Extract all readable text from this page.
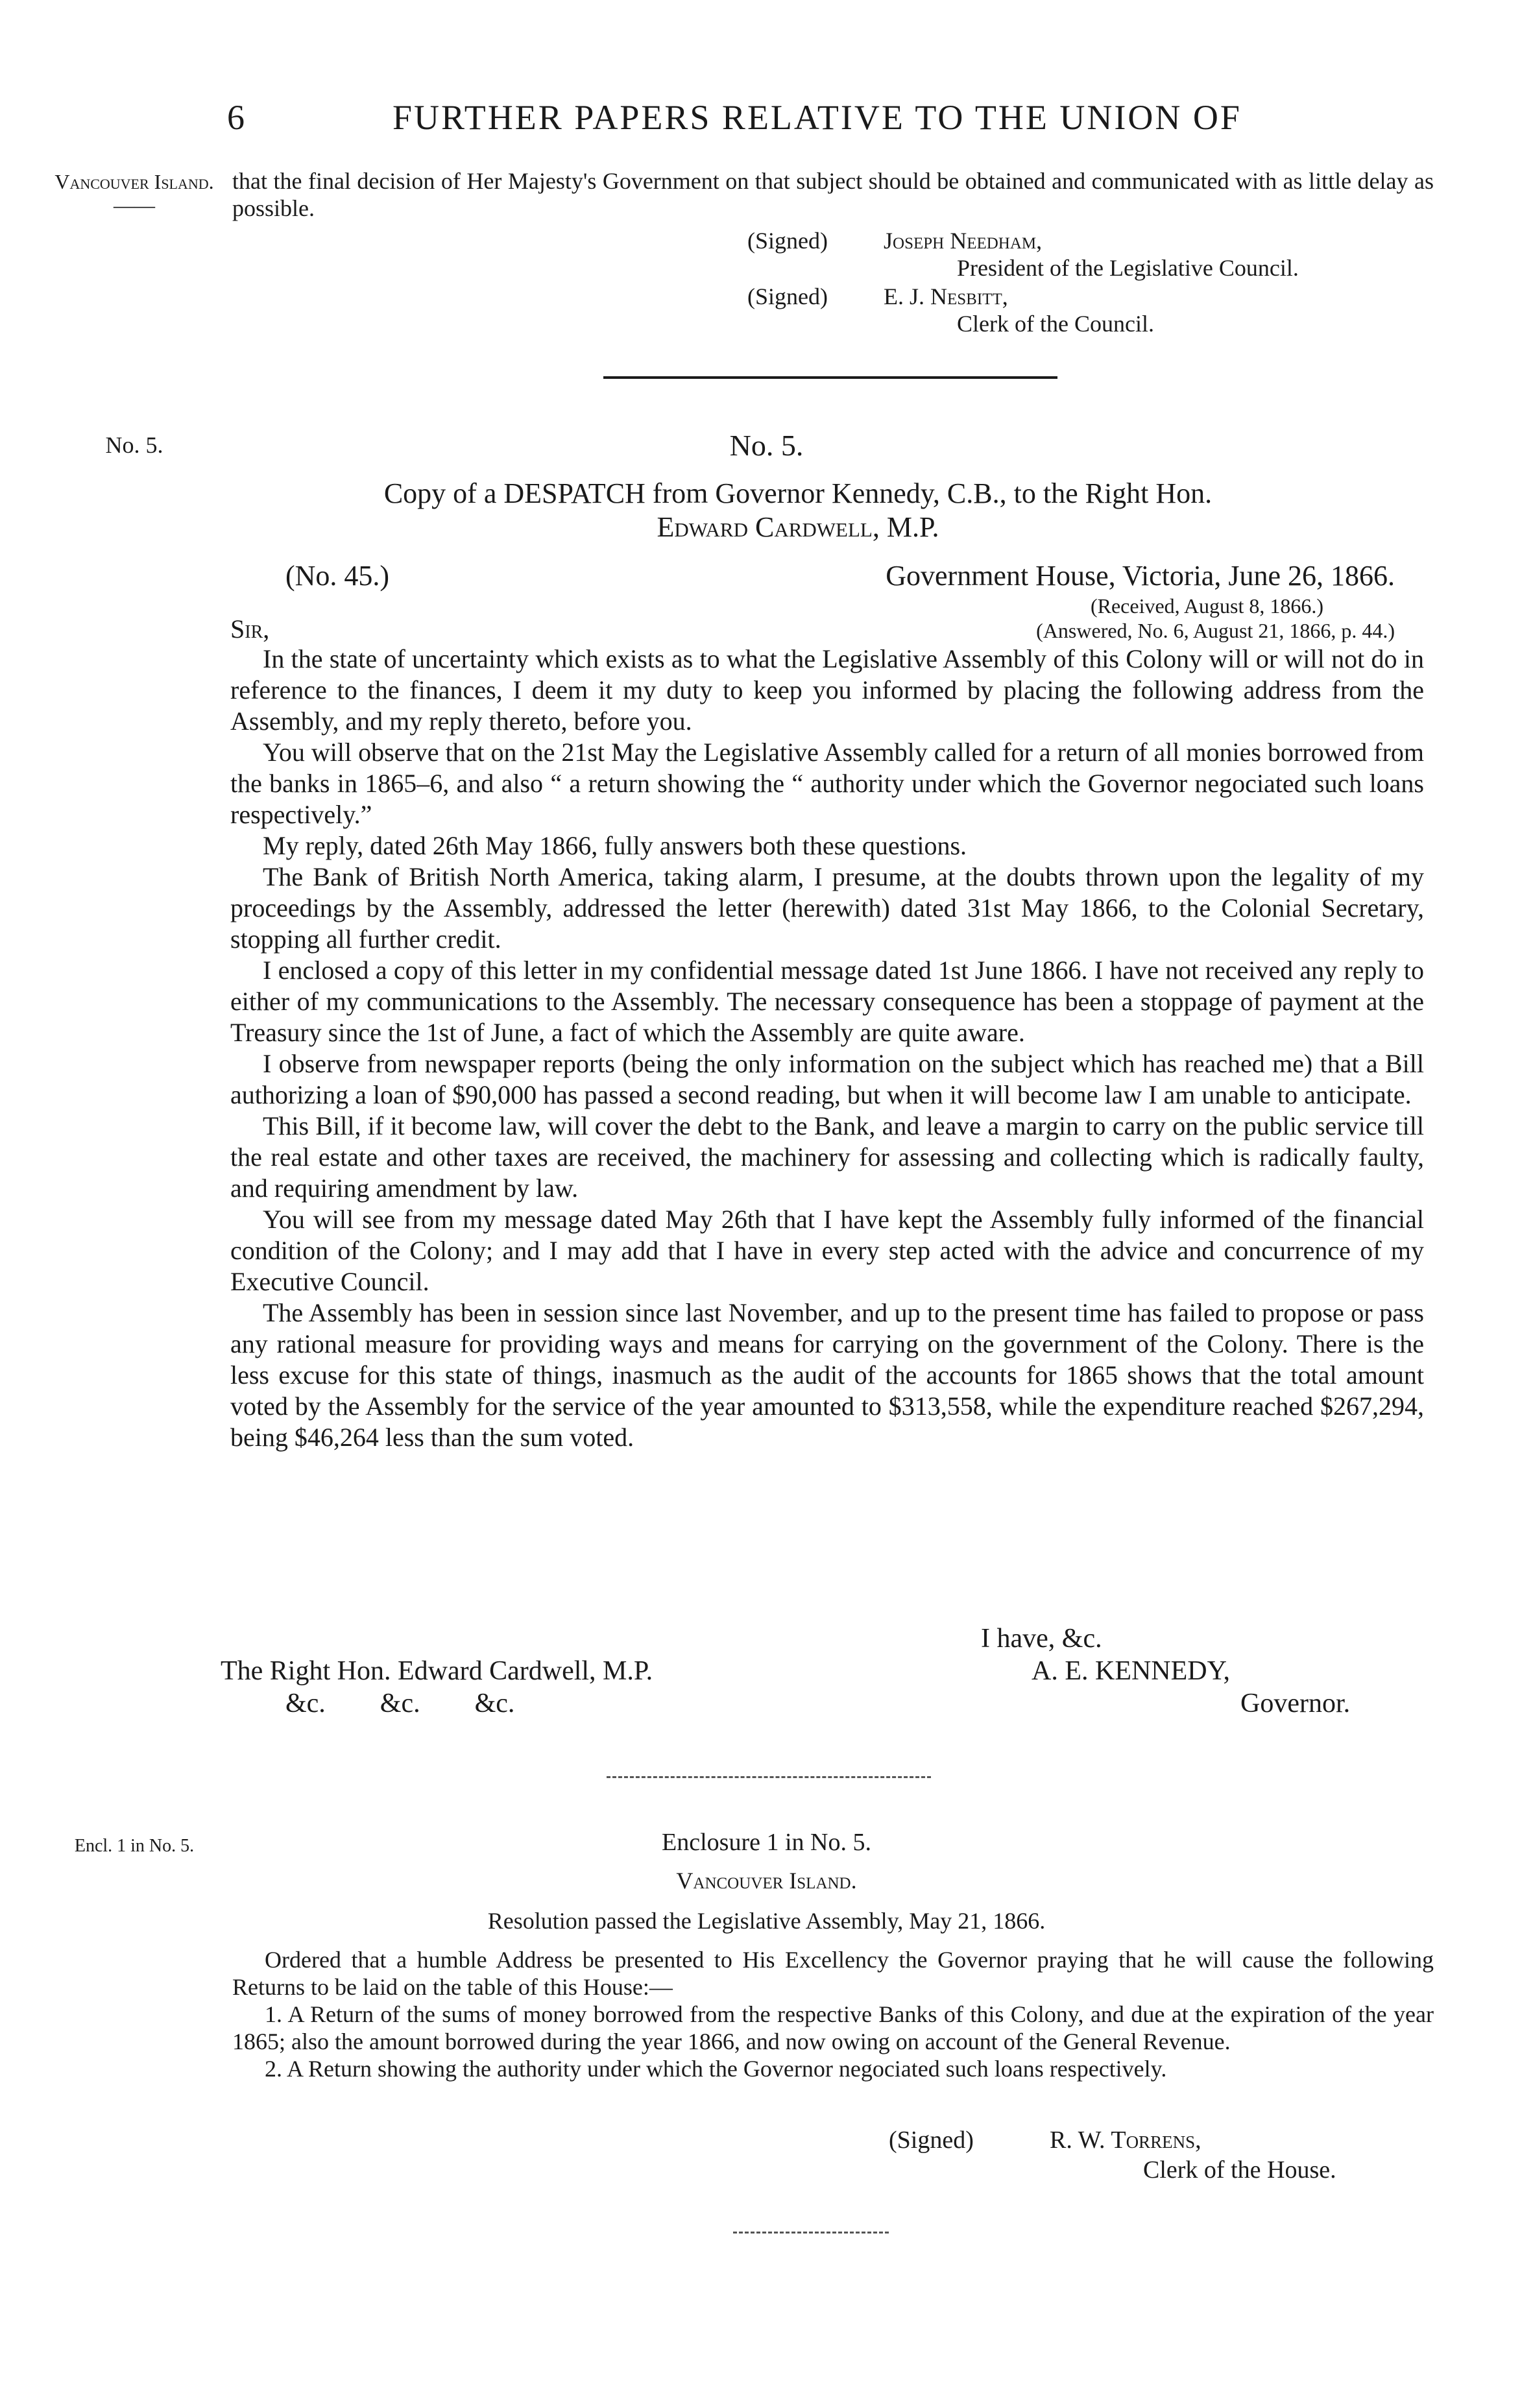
6	FURTHER PAPERS RELATIVE TO THE UNION OF
Vancouver Island.
——
that the final decision of Her Majesty's Government on that subject should be obtained and communicated with as little delay as possible.
(Signed) Joseph Needham,
President of the Legislative Council.
(Signed) E. J. Nesbitt,
Clerk of the Council.
No. 5.	No. 5.
Copy of a DESPATCH from Governor Kennedy, C.B., to the Right Hon.
Edward Cardwell, M.P.
(No. 45.)	Government House, Victoria, June 26, 1866.
(Received, August 8, 1866.)
(Answered, No. 6, August 21, 1866, p. 44.)
Sir,

In the state of uncertainty which exists as to what the Legislative Assembly of this Colony will or will not do in reference to the finances, I deem it my duty to keep you informed by placing the following address from the Assembly, and my reply thereto, before you.

You will observe that on the 21st May the Legislative Assembly called for a return of all monies borrowed from the banks in 1865–6, and also “ a return showing the “ authority under which the Governor negociated such loans respectively.”

My reply, dated 26th May 1866, fully answers both these questions.

The Bank of British North America, taking alarm, I presume, at the doubts thrown upon the legality of my proceedings by the Assembly, addressed the letter (herewith) dated 31st May 1866, to the Colonial Secretary, stopping all further credit.

I enclosed a copy of this letter in my confidential message dated 1st June 1866. I have not received any reply to either of my communications to the Assembly. The necessary consequence has been a stoppage of payment at the Treasury since the 1st of June, a fact of which the Assembly are quite aware.

I observe from newspaper reports (being the only information on the subject which has reached me) that a Bill authorizing a loan of $90,000 has passed a second reading, but when it will become law I am unable to anticipate.

This Bill, if it become law, will cover the debt to the Bank, and leave a margin to carry on the public service till the real estate and other taxes are received, the machinery for assessing and collecting which is radically faulty, and requiring amendment by law.

You will see from my message dated May 26th that I have kept the Assembly fully informed of the financial condition of the Colony; and I may add that I have in every step acted with the advice and concurrence of my Executive Council.

The Assembly has been in session since last November, and up to the present time has failed to propose or pass any rational measure for providing ways and means for carrying on the government of the Colony. There is the less excuse for this state of things, inasmuch as the audit of the accounts for 1865 shows that the total amount voted by the Assembly for the service of the year amounted to $313,558, while the expenditure reached $267,294, being $46,264 less than the sum voted.

I have, &c.
The Right Hon. Edward Cardwell, M.P.	A. E. KENNEDY,
&c.        &c.        &c.	Governor.
Encl. 1 in No. 5.	Enclosure 1 in No. 5.
Vancouver Island.
Resolution passed the Legislative Assembly, May 21, 1866.

Ordered that a humble Address be presented to His Excellency the Governor praying that he will cause the following Returns to be laid on the table of this House:—

1. A Return of the sums of money borrowed from the respective Banks of this Colony, and due at the expiration of the year 1865; also the amount borrowed during the year 1866, and now owing on account of the General Revenue.

2. A Return showing the authority under which the Governor negociated such loans respectively.

(Signed)	R. W. Torrens,
Clerk of the House.
